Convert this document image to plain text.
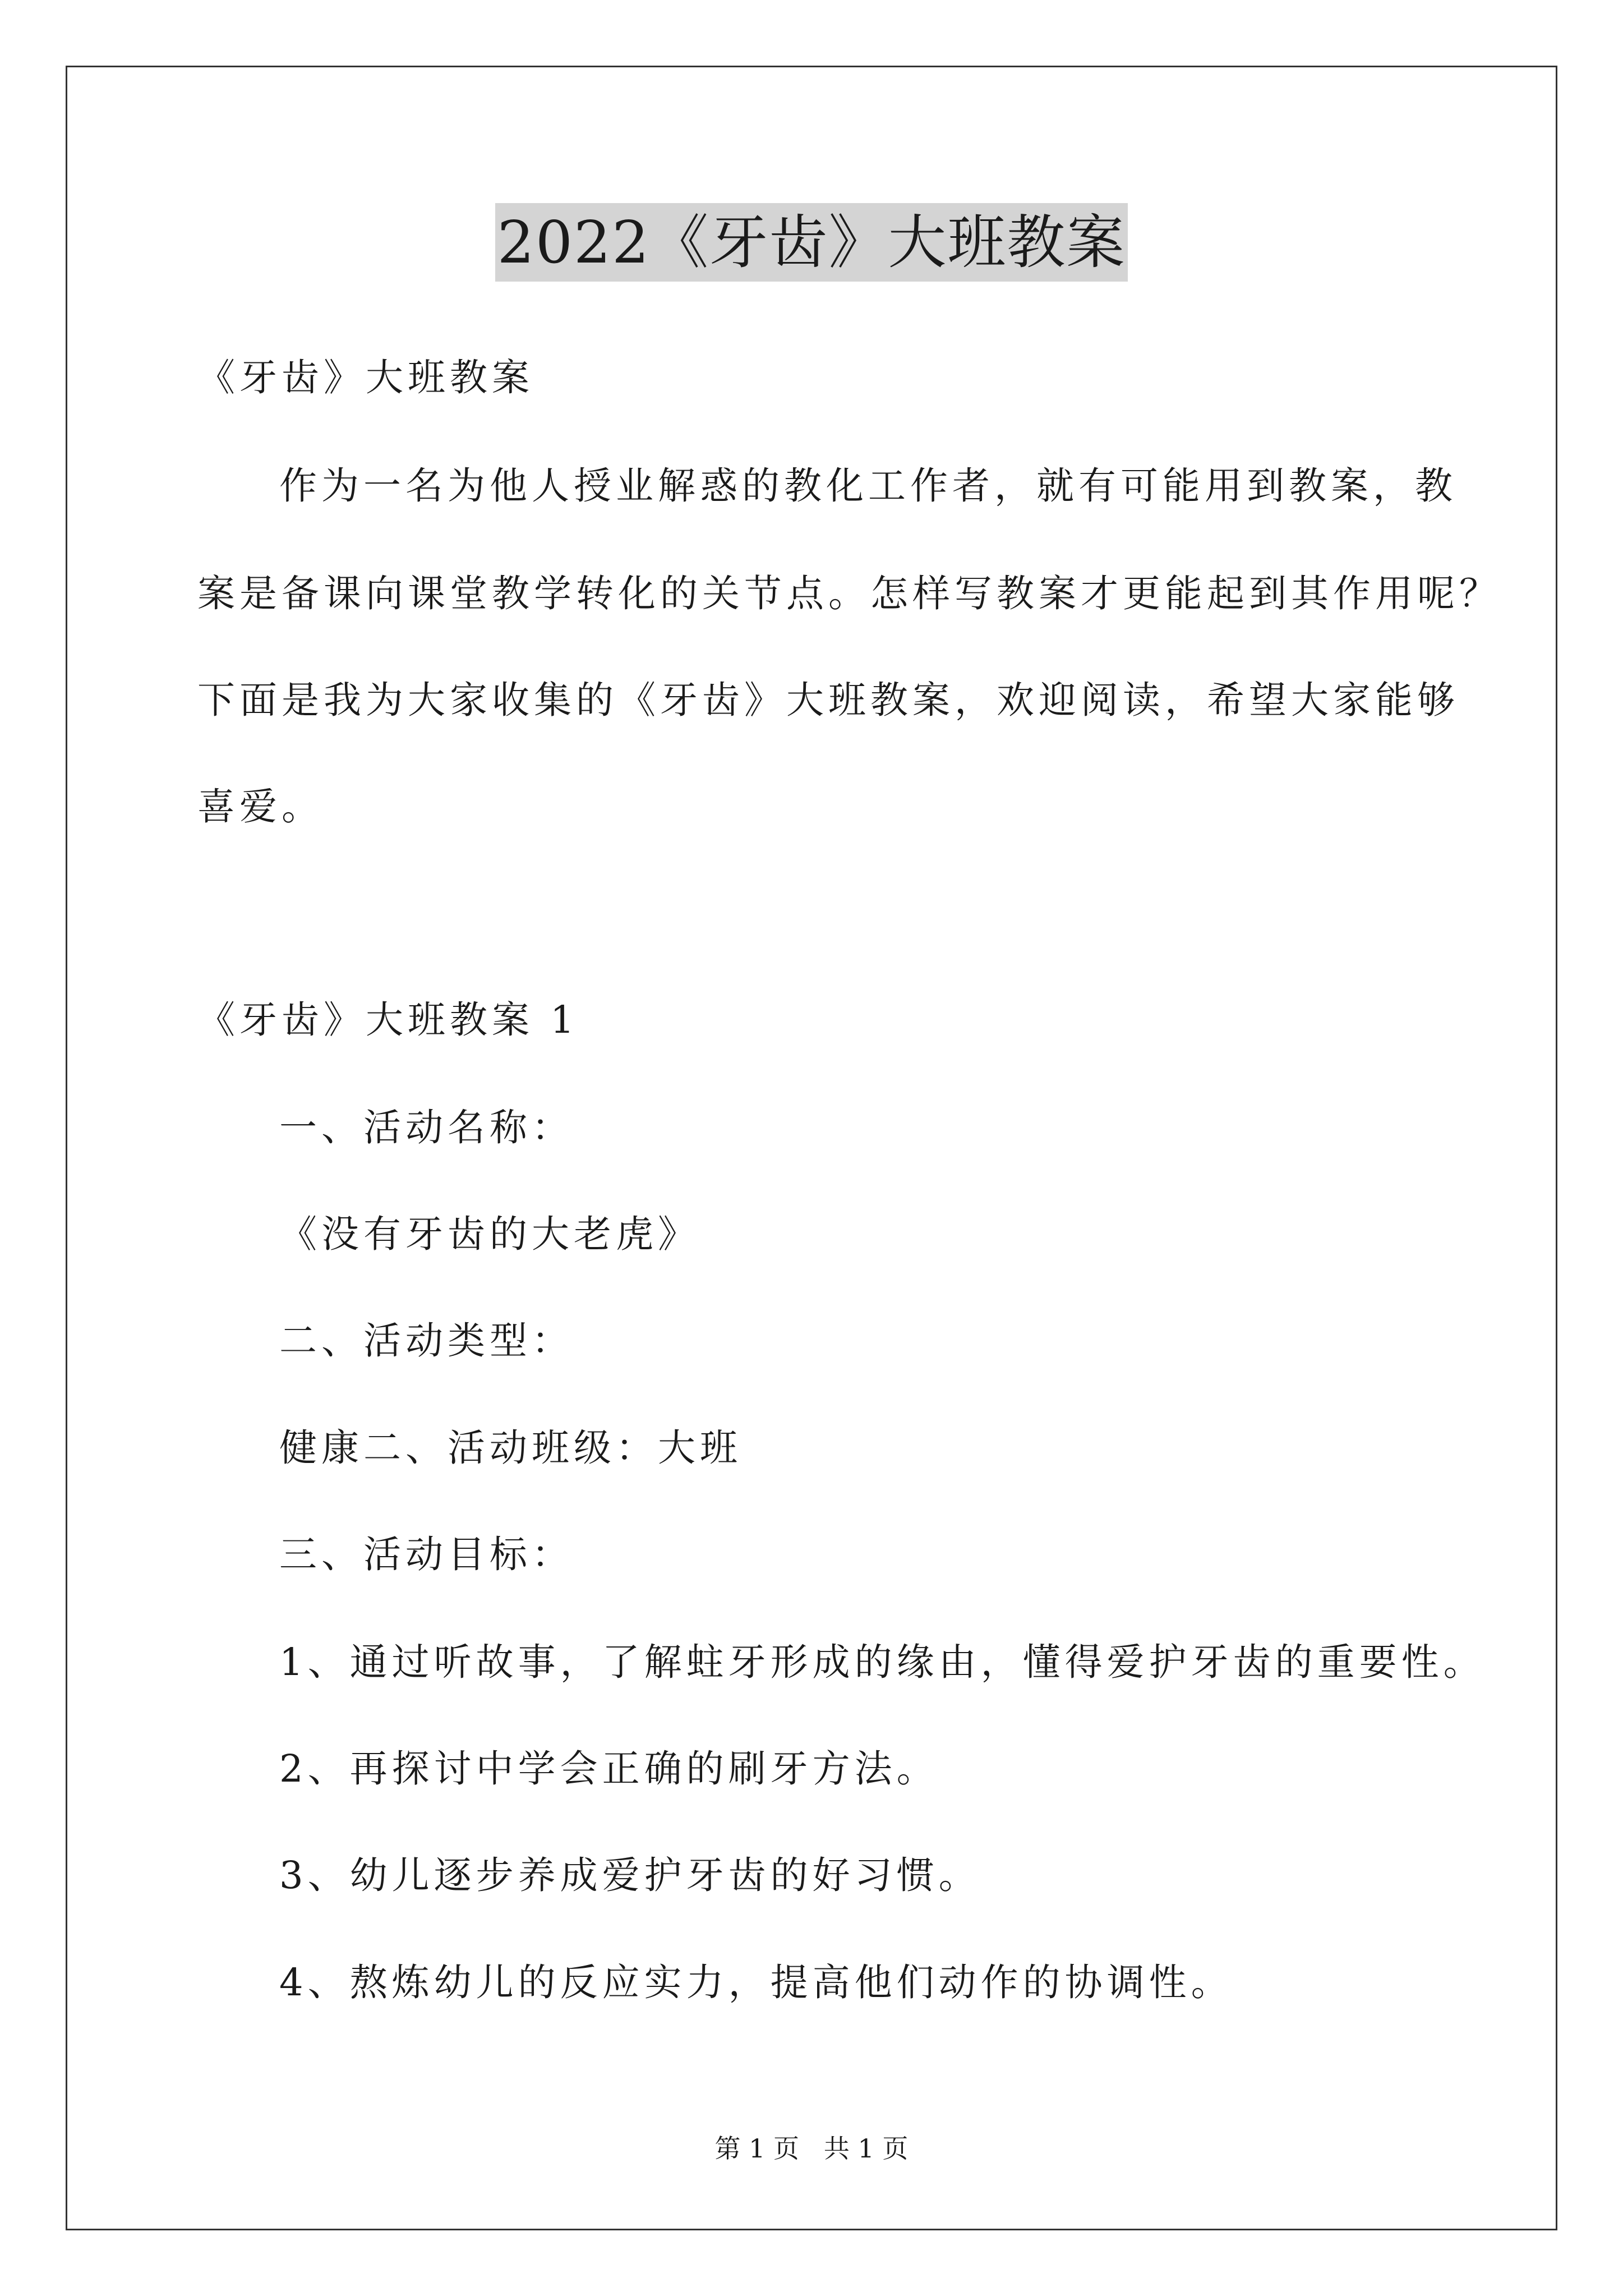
2022《牙齿》大班教案
《牙齿》大班教案
作为一名为他人授业解惑的教化工作者，就有可能用到教案，教
案是备课向课堂教学转化的关节点。怎样写教案才更能起到其作用呢？
下面是我为大家收集的《牙齿》大班教案，欢迎阅读，希望大家能够
喜爱。
《牙齿》大班教案 1
一、活动名称：
《没有牙齿的大老虎》
二、活动类型：
健康二、活动班级：大班
三、活动目标：
1、通过听故事，了解蛀牙形成的缘由，懂得爱护牙齿的重要性。
2、再探讨中学会正确的刷牙方法。
3、幼儿逐步养成爱护牙齿的好习惯。
4、熬炼幼儿的反应实力，提高他们动作的协调性。
第 1 页   共 1 页
